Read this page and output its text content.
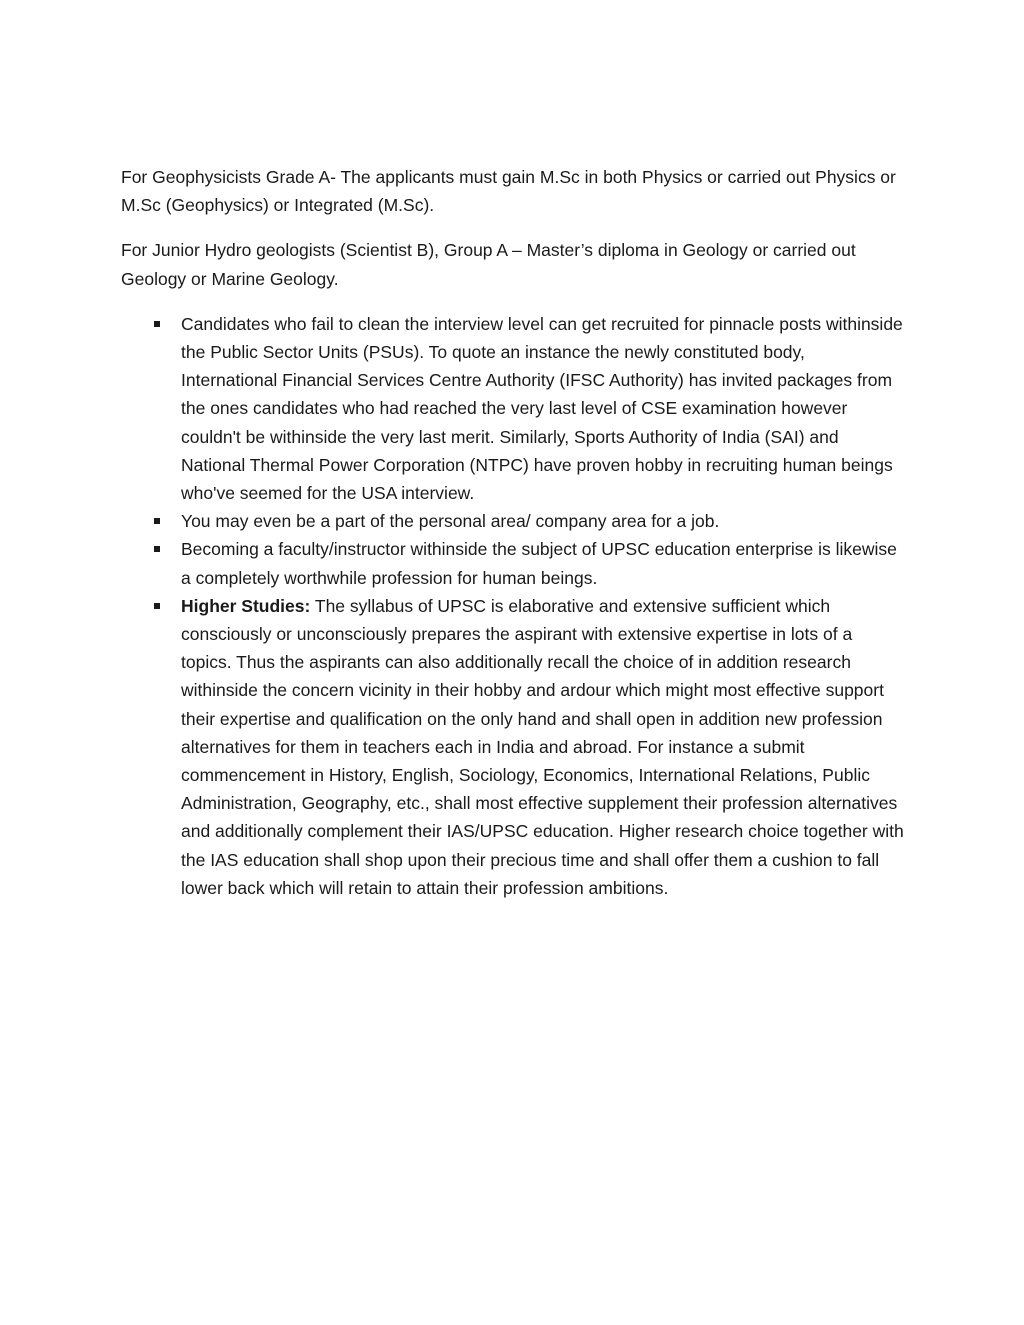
For Geophysicists Grade A- The applicants must gain M.Sc in both Physics or carried out Physics or M.Sc (Geophysics) or Integrated (M.Sc).

For Junior Hydro geologists (Scientist B), Group A – Master’s diploma in Geology or carried out Geology or Marine Geology.

Candidates who fail to clean the interview level can get recruited for pinnacle posts withinside the Public Sector Units (PSUs). To quote an instance the newly constituted body, International Financial Services Centre Authority (IFSC Authority) has invited packages from the ones candidates who had reached the very last level of CSE examination however couldn't be withinside the very last merit. Similarly, Sports Authority of India (SAI) and National Thermal Power Corporation (NTPC) have proven hobby in recruiting human beings who've seemed for the USA interview.
You may even be a part of the personal area/ company area for a job.
Becoming a faculty/instructor withinside the subject of UPSC education enterprise is likewise a completely worthwhile profession for human beings.
Higher Studies: The syllabus of UPSC is elaborative and extensive sufficient which consciously or unconsciously prepares the aspirant with extensive expertise in lots of a topics. Thus the aspirants can also additionally recall the choice of in addition research withinside the concern vicinity in their hobby and ardour which might most effective support their expertise and qualification on the only hand and shall open in addition new profession alternatives for them in teachers each in India and abroad. For instance a submit commencement in History, English, Sociology, Economics, International Relations, Public Administration, Geography, etc., shall most effective supplement their profession alternatives and additionally complement their IAS/UPSC education. Higher research choice together with the IAS education shall shop upon their precious time and shall offer them a cushion to fall lower back which will retain to attain their profession ambitions.
